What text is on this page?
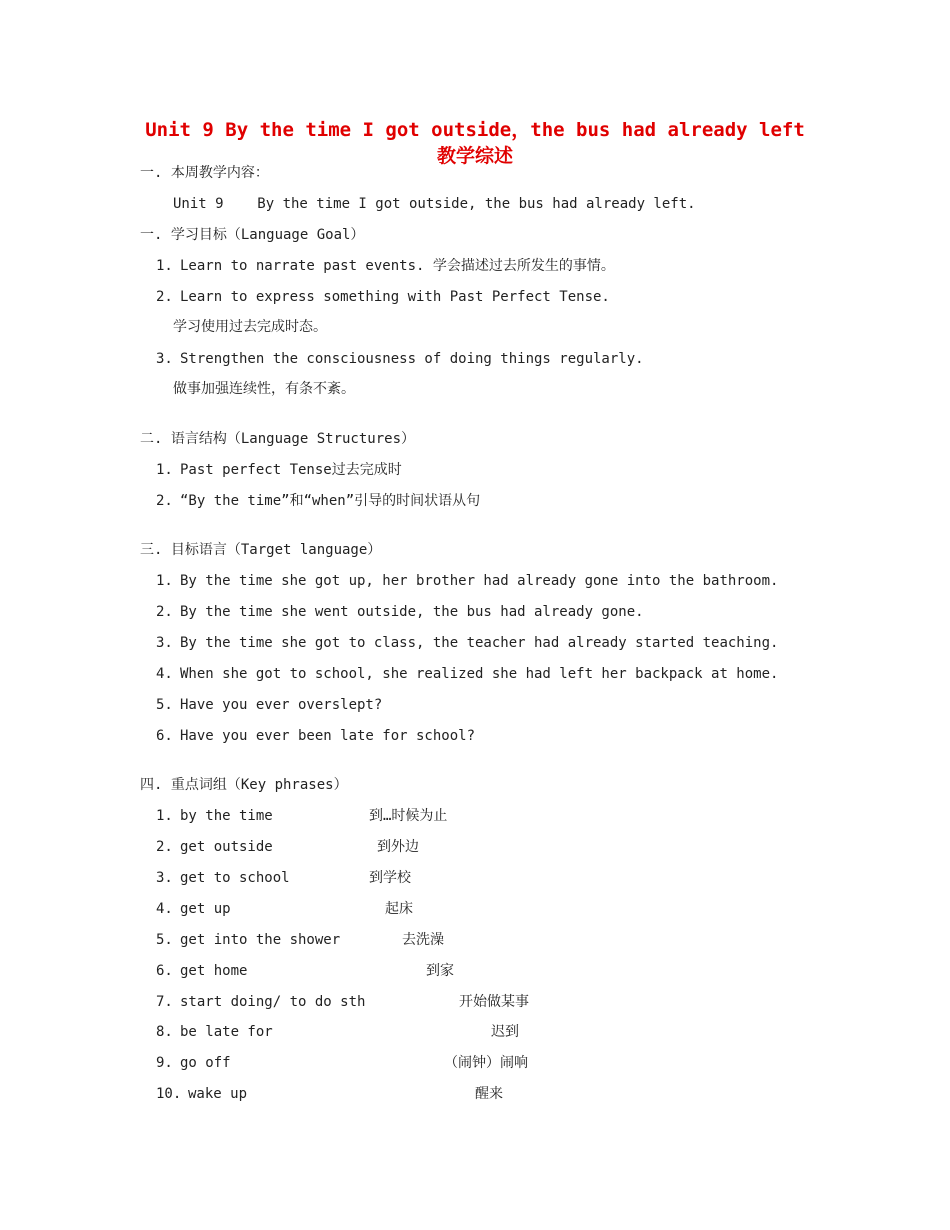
Unit 9 By the time I got outside，the bus had already left
教学综述
一. 本周教学内容：
Unit 9    By the time I got outside, the bus had already left.
一. 学习目标（Language Goal）
1. Learn to narrate past events. 学会描述过去所发生的事情。
2. Learn to express something with Past Perfect Tense.
学习使用过去完成时态。
3. Strengthen the consciousness of doing things regularly.
做事加强连续性，有条不紊。
二. 语言结构（Language Structures）
1. Past perfect Tense过去完成时
2. “By the time”和“when”引导的时间状语从句
三. 目标语言（Target language）
1. By the time she got up, her brother had already gone into the bathroom.
2. By the time she went outside, the bus had already gone.
3. By the time she got to class, the teacher had already started teaching.
4. When she got to school, she realized she had left her backpack at home.
5. Have you ever overslept?
6. Have you ever been late for school?
四. 重点词组（Key phrases）
1. by the time	到…时候为止
2. get outside	到外边
3. get to school	到学校
4. get up	起床
5. get into the shower	去洗澡
6. get home	到家
7. start doing/ to do sth	开始做某事
8. be late for	迟到
9. go off	（闹钟）闹响
10. wake up	醒来
